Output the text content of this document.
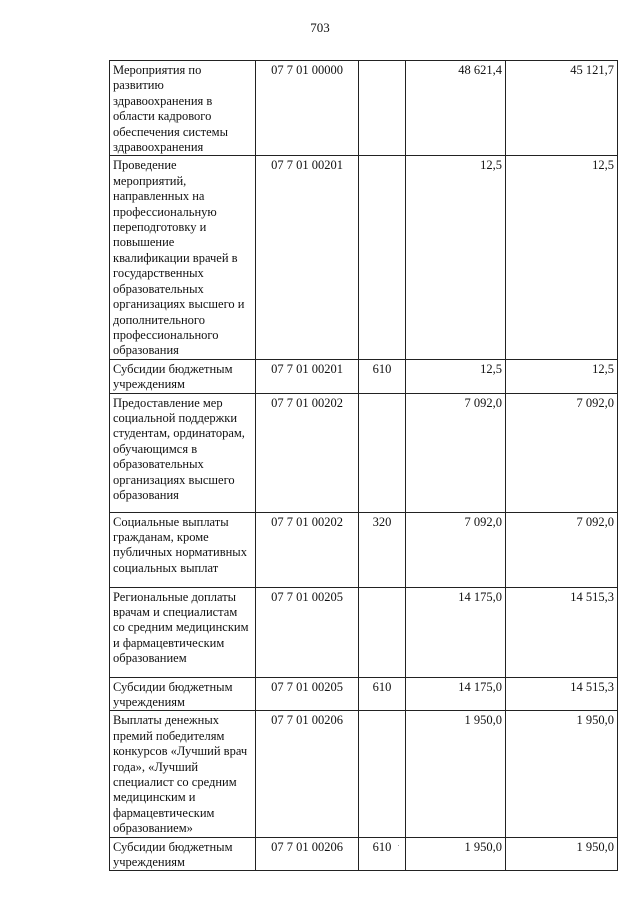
703
Мероприятия по развитию здравоохранения в области кадрового обеспечения системы здравоохранения	07 7 01 00000		48 621,4	45 121,7
Проведение мероприятий, направленных на профессиональную переподготовку и повышение квалификации врачей в государственных образовательных организациях высшего и дополнительного профессионального образования	07 7 01 00201		12,5	12,5
Субсидии бюджетным учреждениям	07 7 01 00201	610	12,5	12,5
Предоставление мер социальной поддержки студентам, ординаторам, обучающимся в образовательных организациях высшего образования	07 7 01 00202		7 092,0	7 092,0
Социальные выплаты гражданам, кроме публичных нормативных социальных выплат	07 7 01 00202	320	7 092,0	7 092,0
Региональные доплаты врачам и специалистам со средним медицинским и фармацевтическим образованием	07 7 01 00205		14 175,0	14 515,3
Субсидии бюджетным учреждениям	07 7 01 00205	610	14 175,0	14 515,3
Выплаты денежных премий победителям конкурсов «Лучший врач года», «Лучший специалист со средним медицинским и фармацевтическим образованием»	07 7 01 00206		1 950,0	1 950,0
Субсидии бюджетным учреждениям	07 7 01 00206	610	1 950,0	1 950,0
